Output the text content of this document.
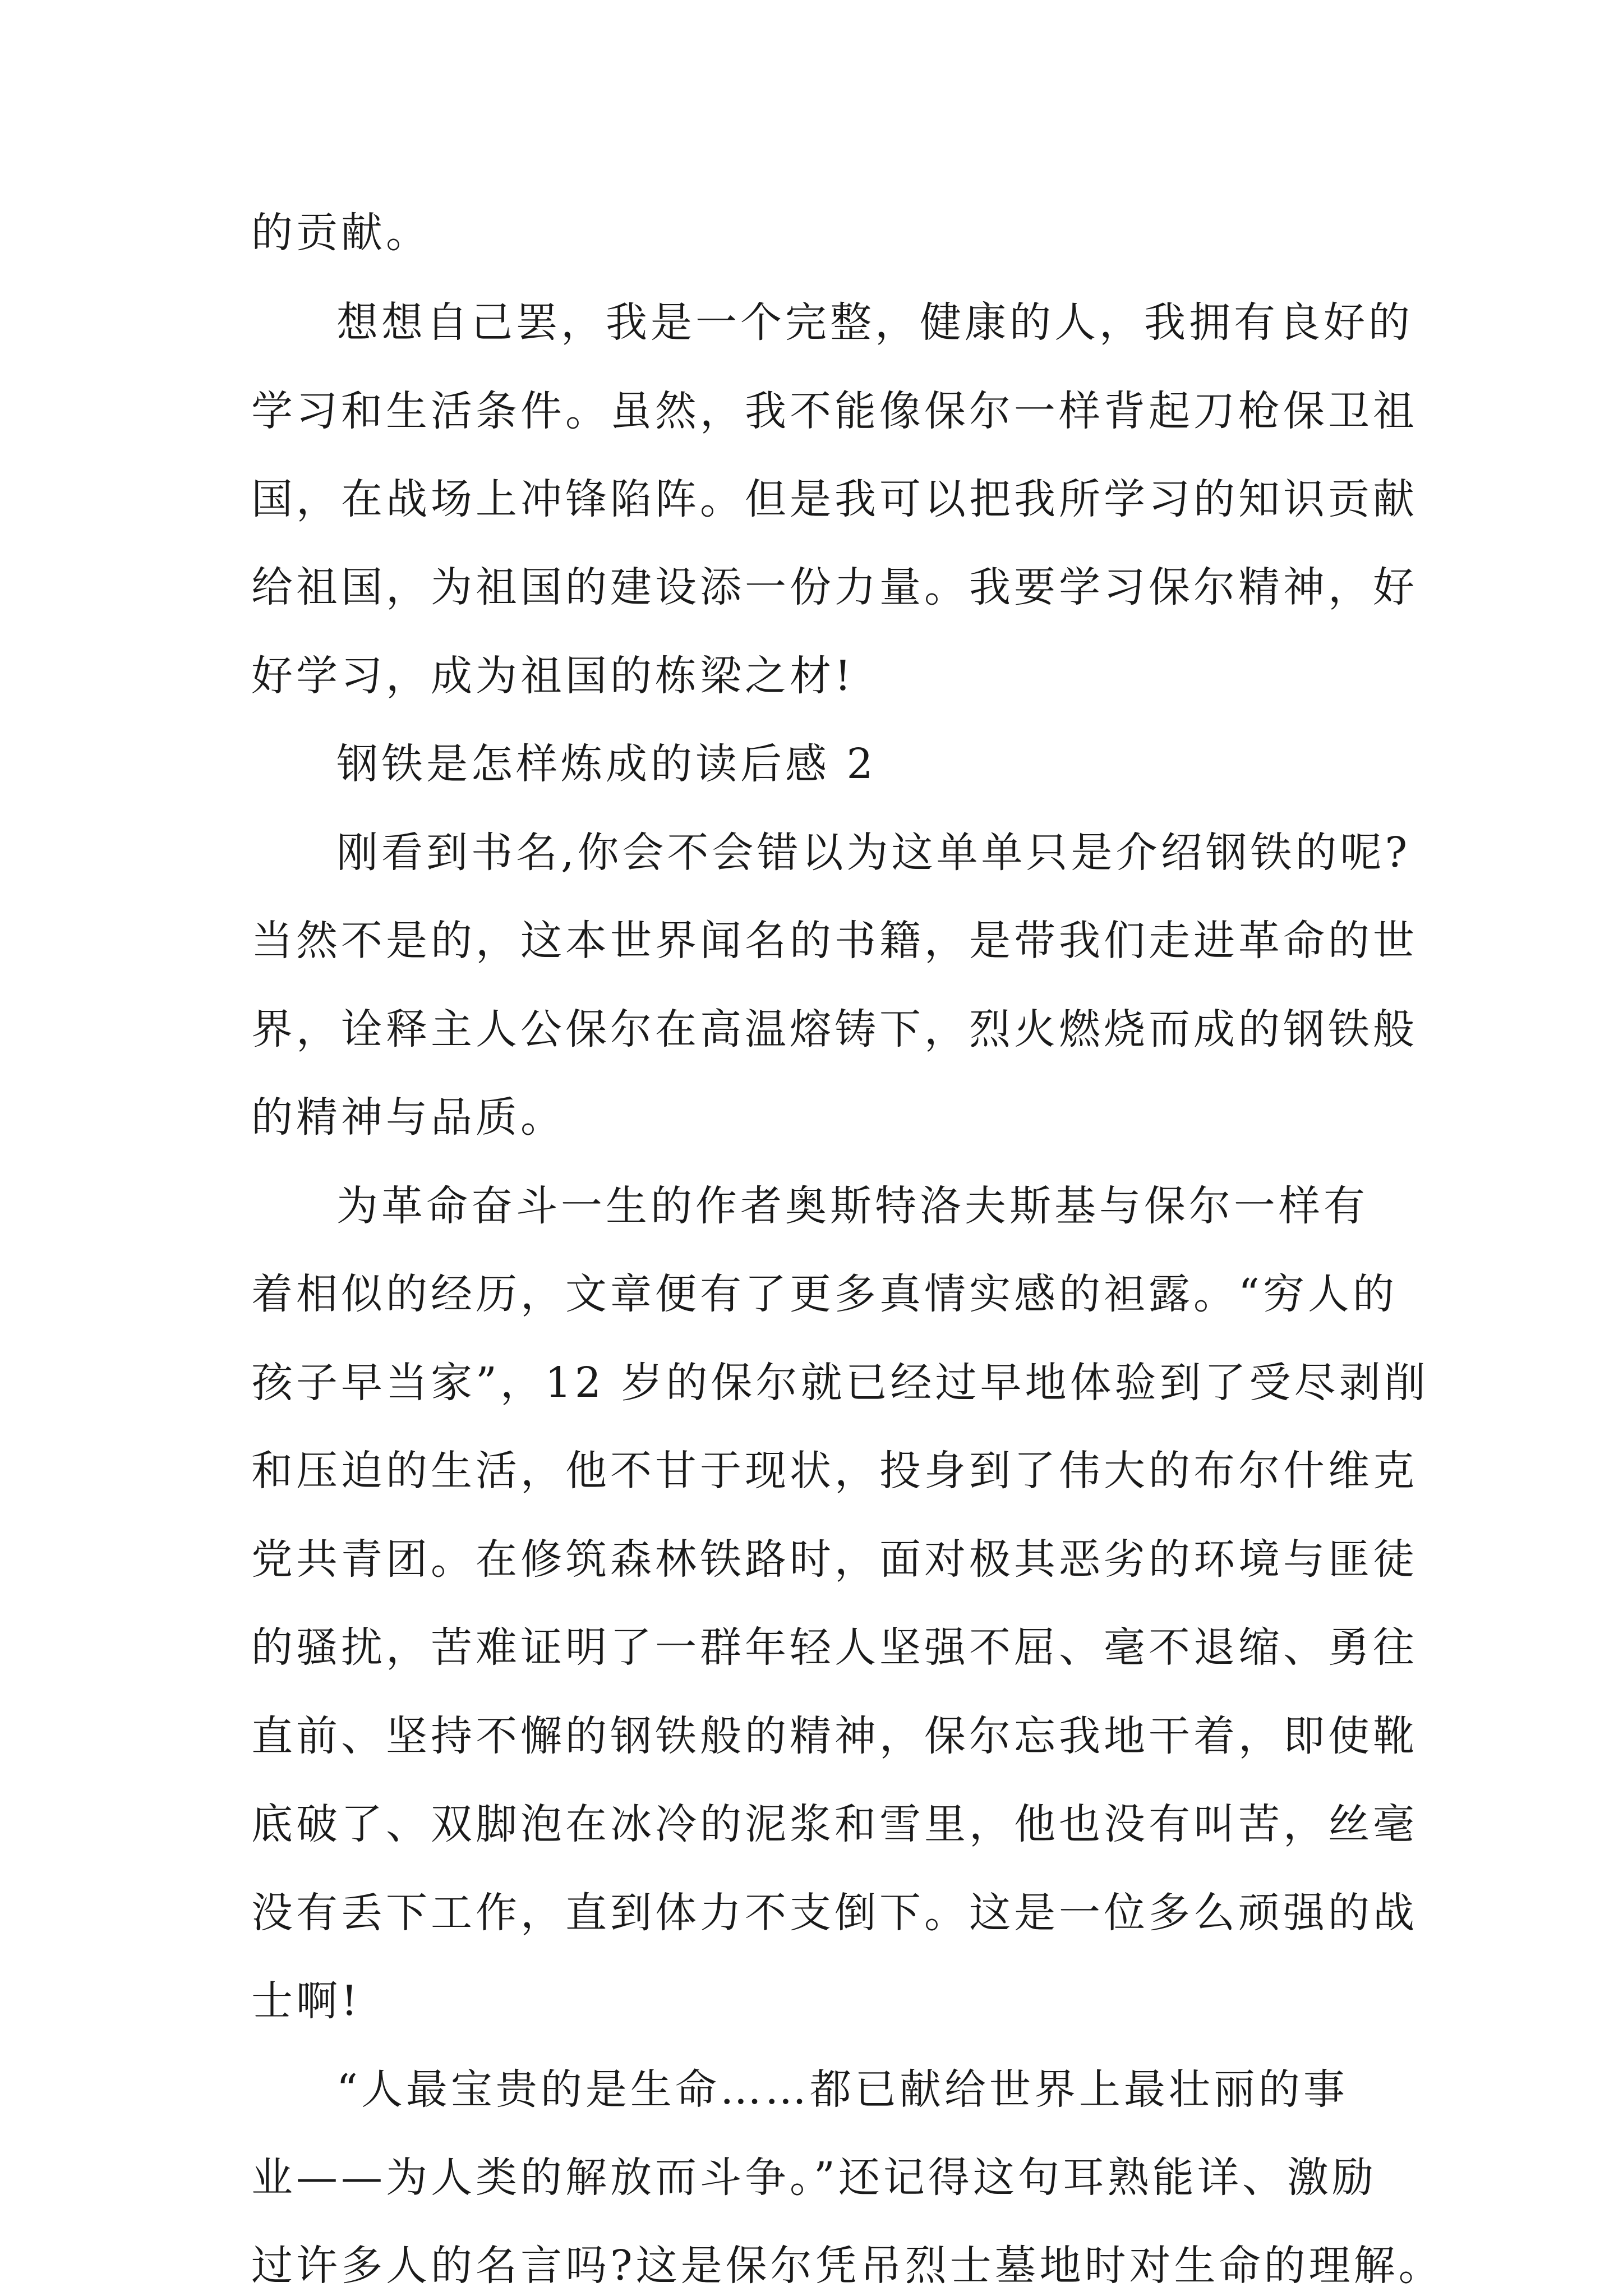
的贡献。

想想自己罢，我是一个完整，健康的人，我拥有良好的

学习和生活条件。虽然，我不能像保尔一样背起刀枪保卫祖

国，在战场上冲锋陷阵。但是我可以把我所学习的知识贡献

给祖国，为祖国的建设添一份力量。我要学习保尔精神，好

好学习，成为祖国的栋梁之材!

钢铁是怎样炼成的读后感 2

刚看到书名,你会不会错以为这单单只是介绍钢铁的呢?

当然不是的，这本世界闻名的书籍，是带我们走进革命的世

界，诠释主人公保尔在高温熔铸下，烈火燃烧而成的钢铁般

的精神与品质。

为革命奋斗一生的作者奥斯特洛夫斯基与保尔一样有

着相似的经历，文章便有了更多真情实感的袒露。“穷人的

孩子早当家”，12 岁的保尔就已经过早地体验到了受尽剥削

和压迫的生活，他不甘于现状，投身到了伟大的布尔什维克

党共青团。在修筑森林铁路时，面对极其恶劣的环境与匪徒

的骚扰，苦难证明了一群年轻人坚强不屈、毫不退缩、勇往

直前、坚持不懈的钢铁般的精神，保尔忘我地干着，即使靴

底破了、双脚泡在冰冷的泥浆和雪里，他也没有叫苦，丝毫

没有丢下工作，直到体力不支倒下。这是一位多么顽强的战

士啊!

“人最宝贵的是生命……都已献给世界上最壮丽的事

业——为人类的解放而斗争。”还记得这句耳熟能详、激励

过许多人的名言吗?这是保尔凭吊烈士墓地时对生命的理解。
